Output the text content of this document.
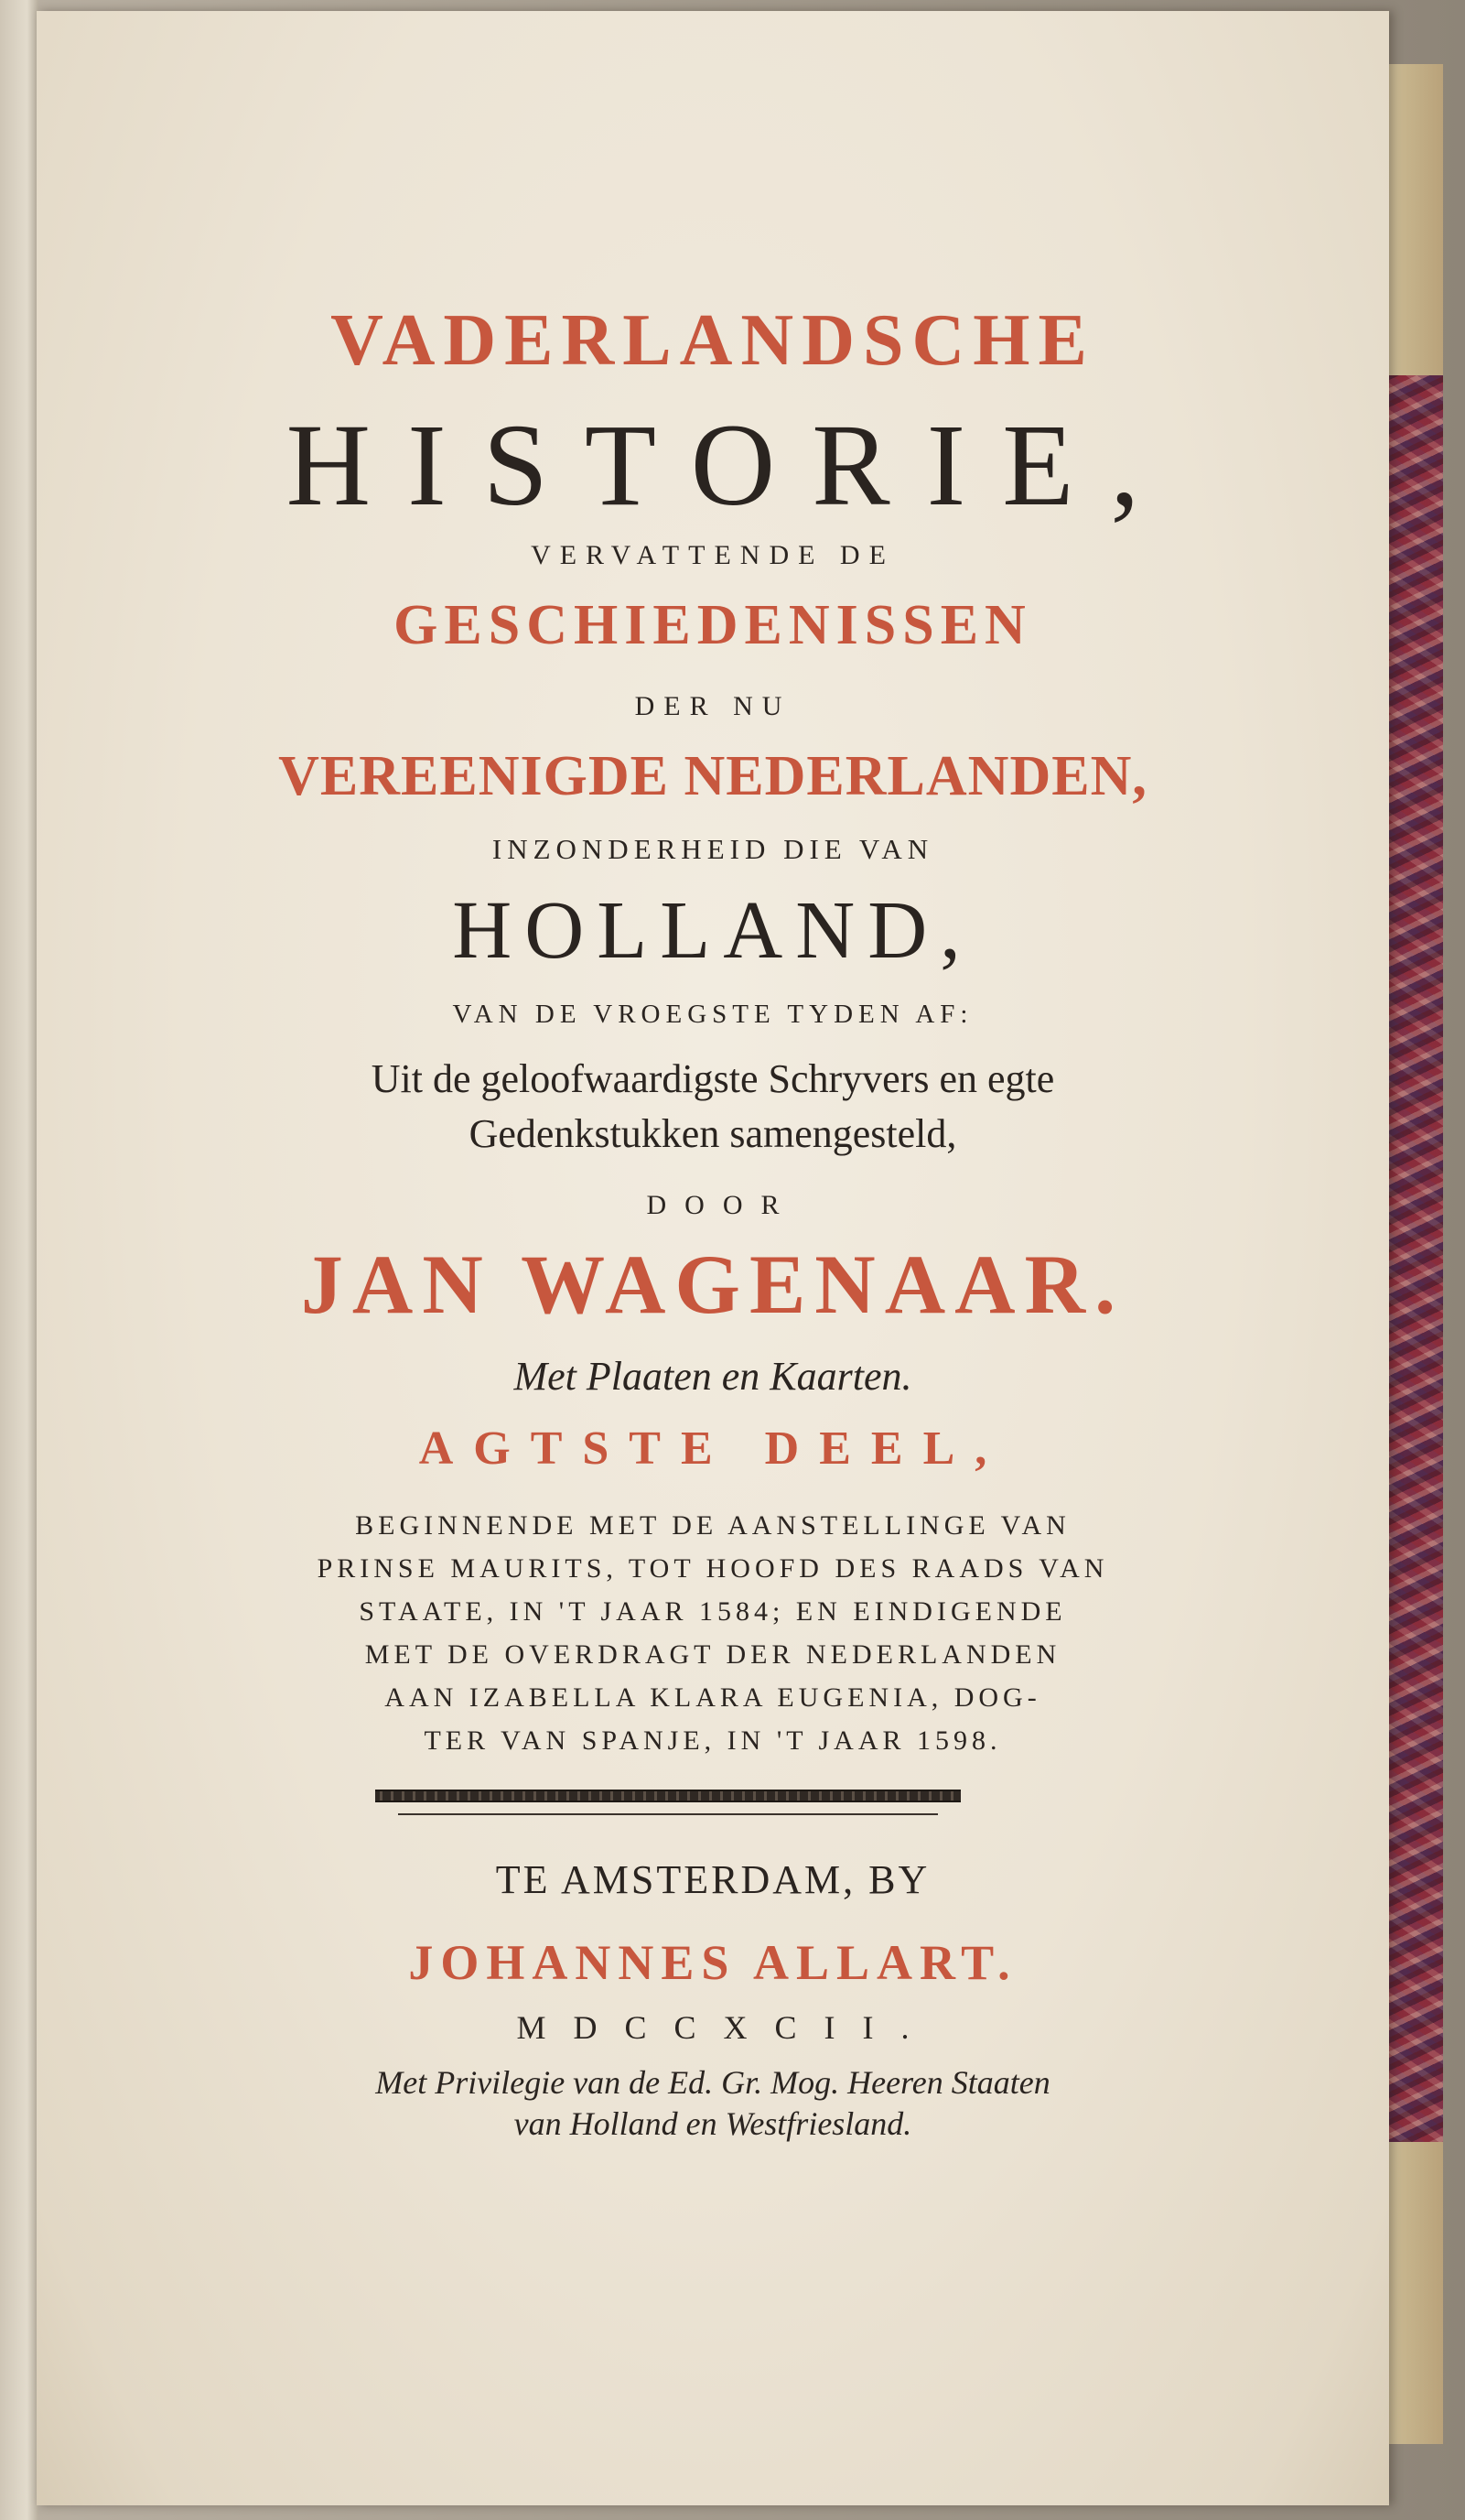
VADERLANDSCHE
HISTORIE,
VERVATTENDE DE
GESCHIEDENISSEN
DER NU
VEREENIGDE NEDERLANDEN,
INZONDERHEID DIE VAN
HOLLAND,
VAN DE VROEGSTE TYDEN AF:
Uit de geloofwaardigste Schryvers en egte
Gedenkstukken samengesteld,
DOOR
JAN WAGENAAR.
Met Plaaten en Kaarten.
AGTSTE DEEL,
BEGINNENDE MET DE AANSTELLINGE VAN
PRINSE MAURITS, TOT HOOFD DES RAADS VAN
STAATE, IN 'T JAAR 1584; EN EINDIGENDE
MET DE OVERDRAGT DER NEDERLANDEN
AAN IZABELLA KLARA EUGENIA, DOG-
TER VAN SPANJE, IN 'T JAAR 1598.
TE AMSTERDAM, BY
JOHANNES ALLART.
MDCCXCII.
Met Privilegie van de Ed. Gr. Mog. Heeren Staaten
van Holland en Westfriesland.
